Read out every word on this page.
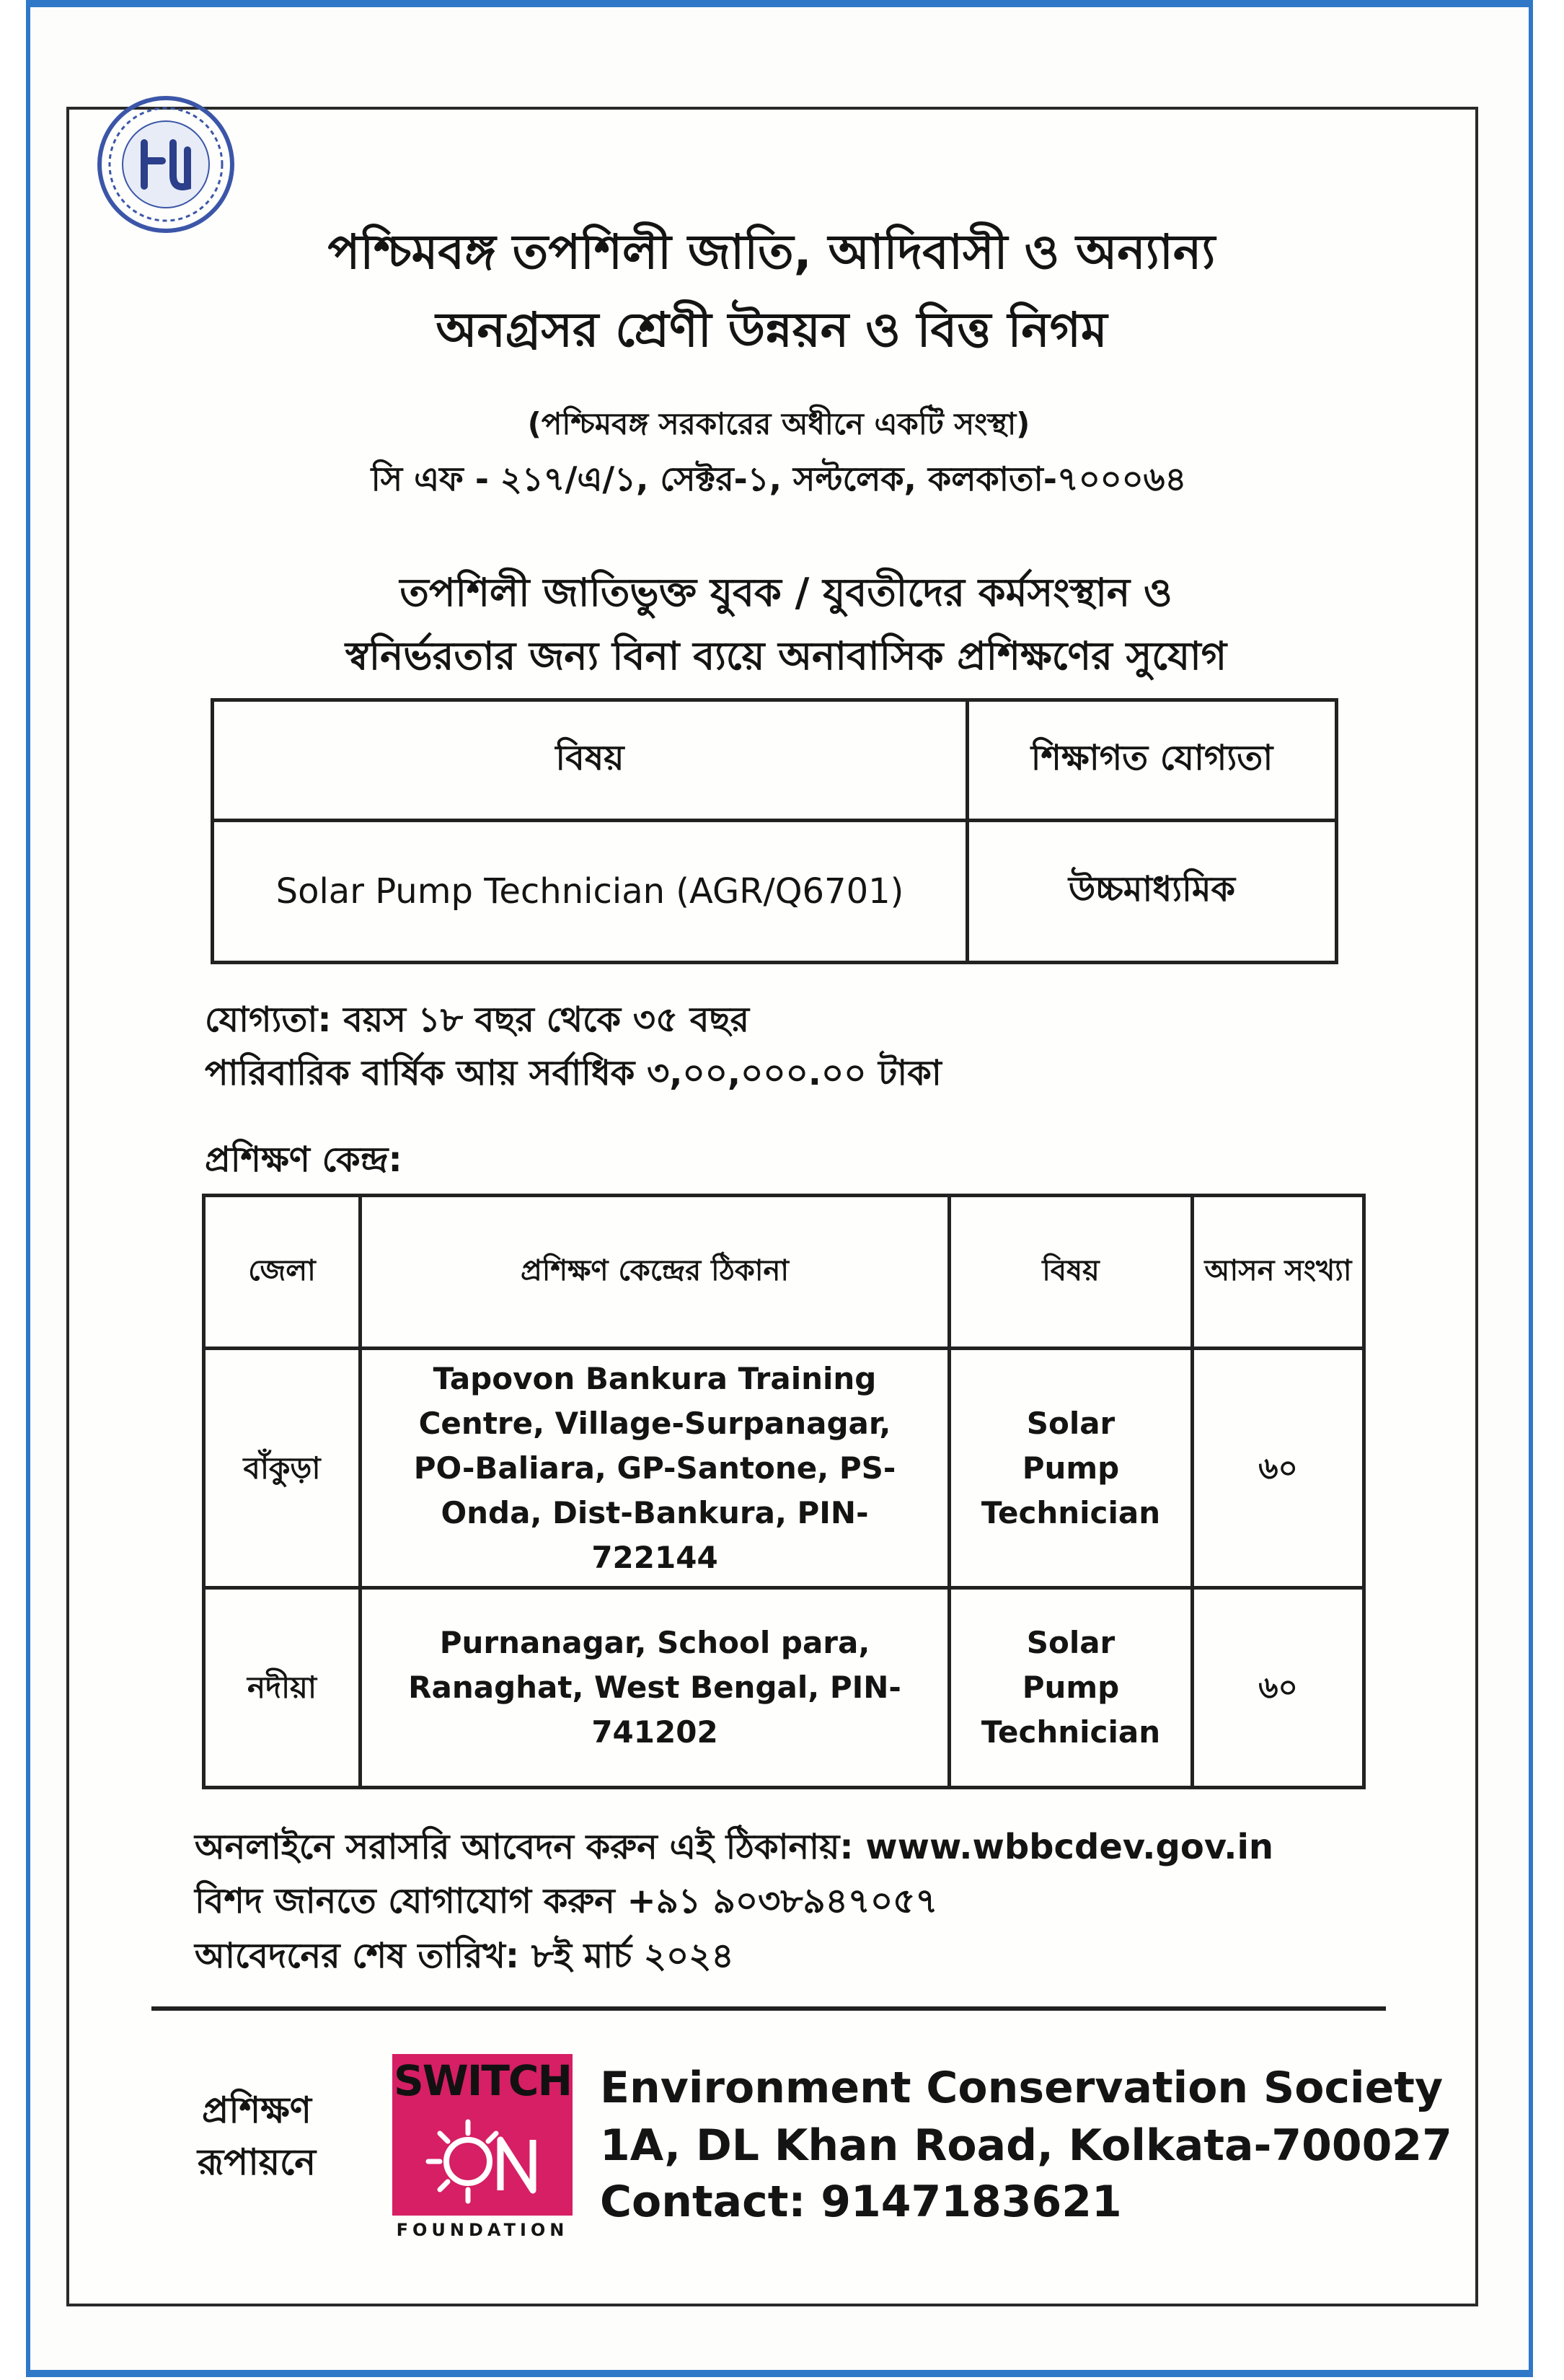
পশ্চিমবঙ্গ তপশিলী জাতি, আদিবাসী ও অন্যান্য
অনগ্রসর শ্রেণী উন্নয়ন ও বিত্ত নিগম
(পশ্চিমবঙ্গ সরকারের অধীনে একটি সংস্থা)
সি এফ - ২১৭/এ/১, সেক্টর-১, সল্টলেক, কলকাতা-৭০০০৬৪
তপশিলী জাতিভুক্ত যুবক / যুবতীদের কর্মসংস্থান ও
স্বনির্ভরতার জন্য বিনা ব্যয়ে অনাবাসিক প্রশিক্ষণের সুযোগ
বিষয়	শিক্ষাগত যোগ্যতা
Solar Pump Technician (AGR/Q6701)	উচ্চমাধ্যমিক
যোগ্যতা: বয়স ১৮ বছর থেকে ৩৫ বছর
পারিবারিক বার্ষিক আয় সর্বাধিক ৩,০০,০০০.০০ টাকা
প্রশিক্ষণ কেন্দ্র:
জেলা	প্রশিক্ষণ কেন্দ্রের ঠিকানা	বিষয়	আসন সংখ্যা
বাঁকুড়া	Tapovon Bankura Training Centre, Village-Surpanagar, PO-Baliara, GP-Santone, PS-Onda, Dist-Bankura, PIN-722144	Solar Pump Technician	৬০
নদীয়া	Purnanagar, School para, Ranaghat, West Bengal, PIN-741202	Solar Pump Technician	৬০
অনলাইনে সরাসরি আবেদন করুন এই ঠিকানায়: www.wbbcdev.gov.in
বিশদ জানতে যোগাযোগ করুন +৯১ ৯০৩৮৯৪৭০৫৭
আবেদনের শেষ তারিখ: ৮ই মার্চ ২০২৪
প্রশিক্ষণ রূপায়নে
SWITCH
FOUNDATION
Environment Conservation Society
1A, DL Khan Road, Kolkata-700027
Contact: 9147183621
